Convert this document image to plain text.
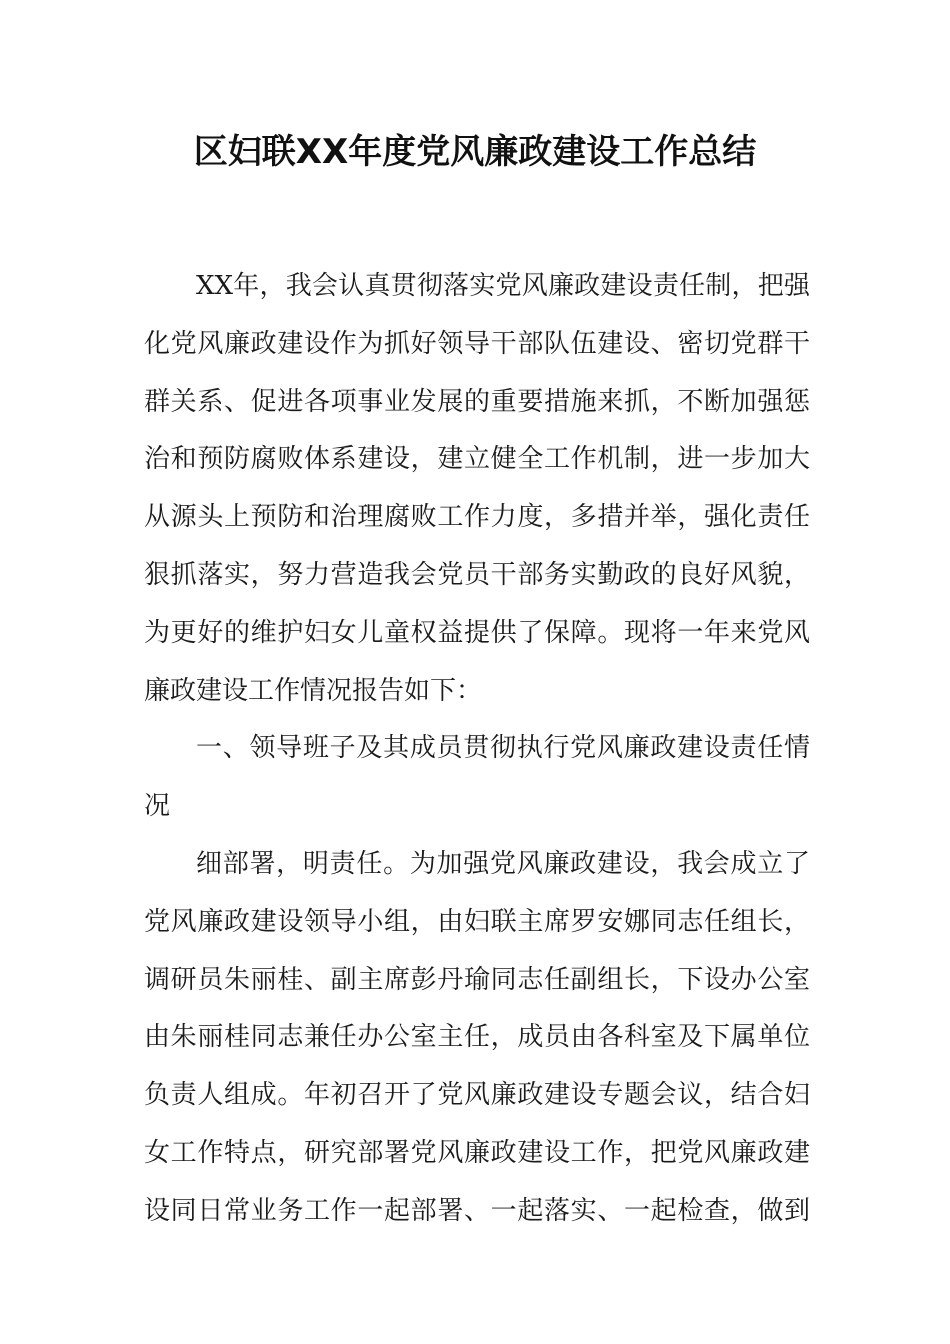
区妇联XX年度党风廉政建设工作总结
XX年，我会认真贯彻落实党风廉政建设责任制，把强
化党风廉政建设作为抓好领导干部队伍建设、密切党群干
群关系、促进各项事业发展的重要措施来抓，不断加强惩
治和预防腐败体系建设，建立健全工作机制，进一步加大
从源头上预防和治理腐败工作力度，多措并举，强化责任
狠抓落实，努力营造我会党员干部务实勤政的良好风貌，
为更好的维护妇女儿童权益提供了保障。现将一年来党风
廉政建设工作情况报告如下：
一、领导班子及其成员贯彻执行党风廉政建设责任情
况
细部署，明责任。为加强党风廉政建设，我会成立了
党风廉政建设领导小组，由妇联主席罗安娜同志任组长，
调研员朱丽桂、副主席彭丹瑜同志任副组长，下设办公室
由朱丽桂同志兼任办公室主任，成员由各科室及下属单位
负责人组成。年初召开了党风廉政建设专题会议，结合妇
女工作特点，研究部署党风廉政建设工作，把党风廉政建
设同日常业务工作一起部署、一起落实、一起检查，做到
